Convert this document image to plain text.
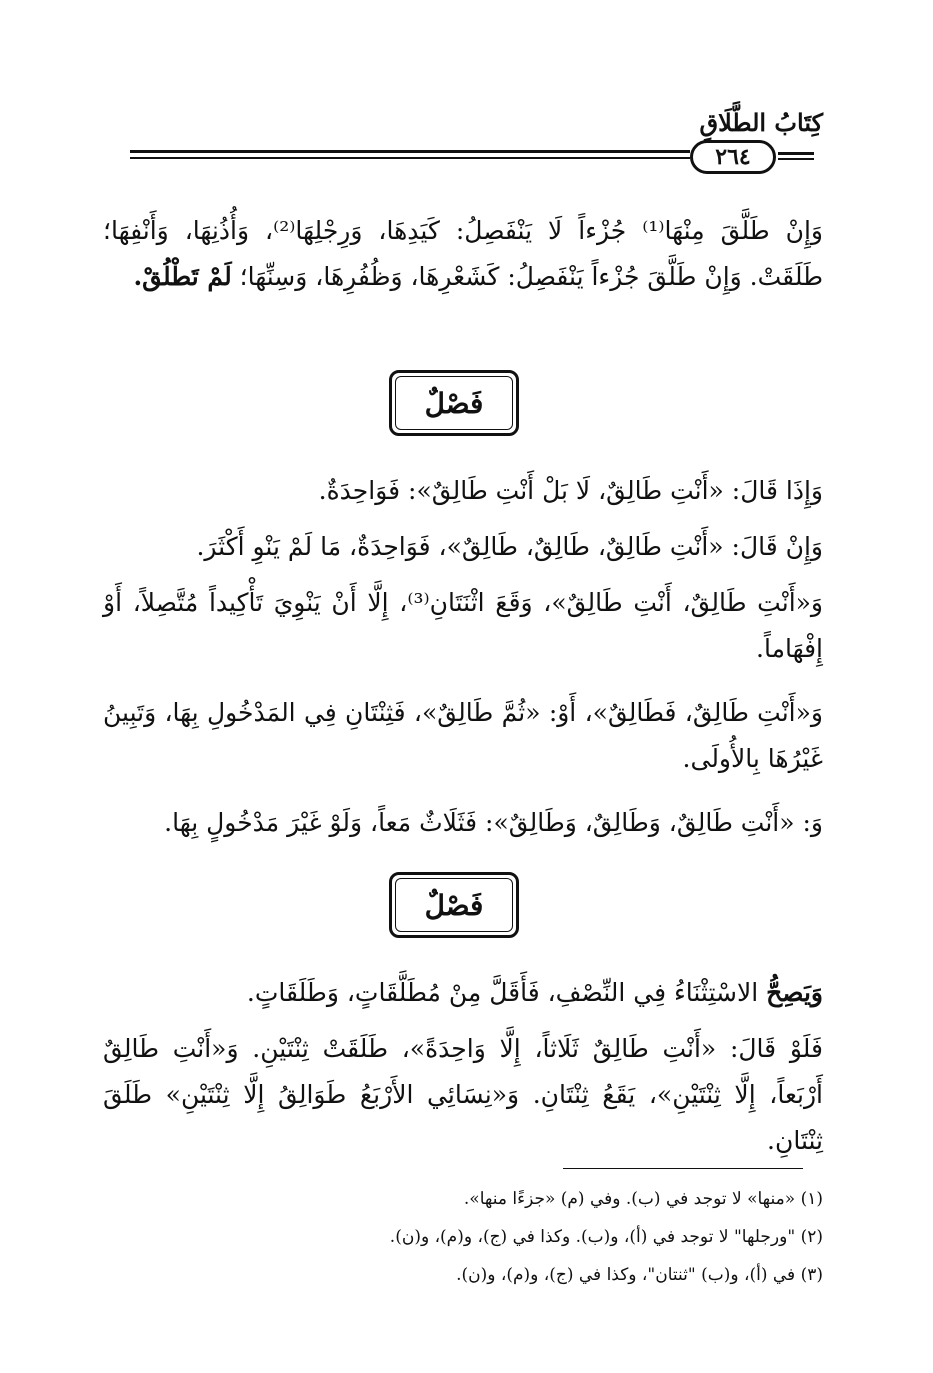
كِتَابُ الطَّلَاقِ
٢٦٤
وَإِنْ طَلَّقَ مِنْهَا⁽¹⁾ جُزْءاً لَا يَنْفَصِلُ: كَيَدِهَا، وَرِجْلِهَا⁽²⁾، وَأُذُنِهَا، وَأَنْفِهَا؛ طَلَقَتْ. وَإِنْ طَلَّقَ جُزْءاً يَنْفَصِلُ: كَشَعْرِهَا، وَظُفُرِهَا، وَسِنِّهَا؛ لَمْ تَطْلُقْ.
فَصْلٌ
وَإِذَا قَالَ: «أَنْتِ طَالِقٌ، لَا بَلْ أَنْتِ طَالِقٌ»: فَوَاحِدَةٌ.
وَإِنْ قَالَ: «أَنْتِ طَالِقٌ، طَالِقٌ، طَالِقٌ»، فَوَاحِدَةٌ، مَا لَمْ يَنْوِ أَكْثَرَ.
وَ«أَنْتِ طَالِقٌ، أَنْتِ طَالِقٌ»، وَقَعَ اثْنَتَانِ⁽³⁾، إِلَّا أَنْ يَنْوِيَ تَأْكِيداً مُتَّصِلاً، أَوْ إِفْهَاماً.
وَ«أَنْتِ طَالِقٌ، فَطَالِقٌ»، أَوْ: «ثُمَّ طَالِقٌ»، فَثِنْتَانِ فِي المَدْخُولِ بِهَا، وَتَبِينُ غَيْرُهَا بِالأُولَى.
وَ: «أَنْتِ طَالِقٌ، وَطَالِقٌ، وَطَالِقٌ»: فَثَلَاثٌ مَعاً، وَلَوْ غَيْرَ مَدْخُولٍ بِهَا.
فَصْلٌ
وَيَصِحُّ الاسْتِثْنَاءُ فِي النِّصْفِ، فَأَقَلَّ مِنْ مُطَلَّقَاتٍ، وَطَلَقَاتٍ.
فَلَوْ قَالَ: «أَنْتِ طَالِقٌ ثَلَاثاً، إِلَّا وَاحِدَةً»، طَلَقَتْ ثِنْتَيْنِ. وَ«أَنْتِ طَالِقٌ أَرْبَعاً، إِلَّا ثِنْتَيْنِ»، يَقَعُ ثِنْتَانِ. وَ«نِسَائِي الأَرْبَعُ طَوَالِقُ إِلَّا ثِنْتَيْنِ» طَلَقَ ثِنْتَانِ.
(١) «منها» لا توجد في (ب). وفي (م) «جزءًا منها».
(٢) "ورجلها" لا توجد في (أ)، و(ب). وكذا في (ج)، و(م)، و(ن).
(٣) في (أ)، و(ب) "ثنتان"، وكذا في (ج)، و(م)، و(ن).
